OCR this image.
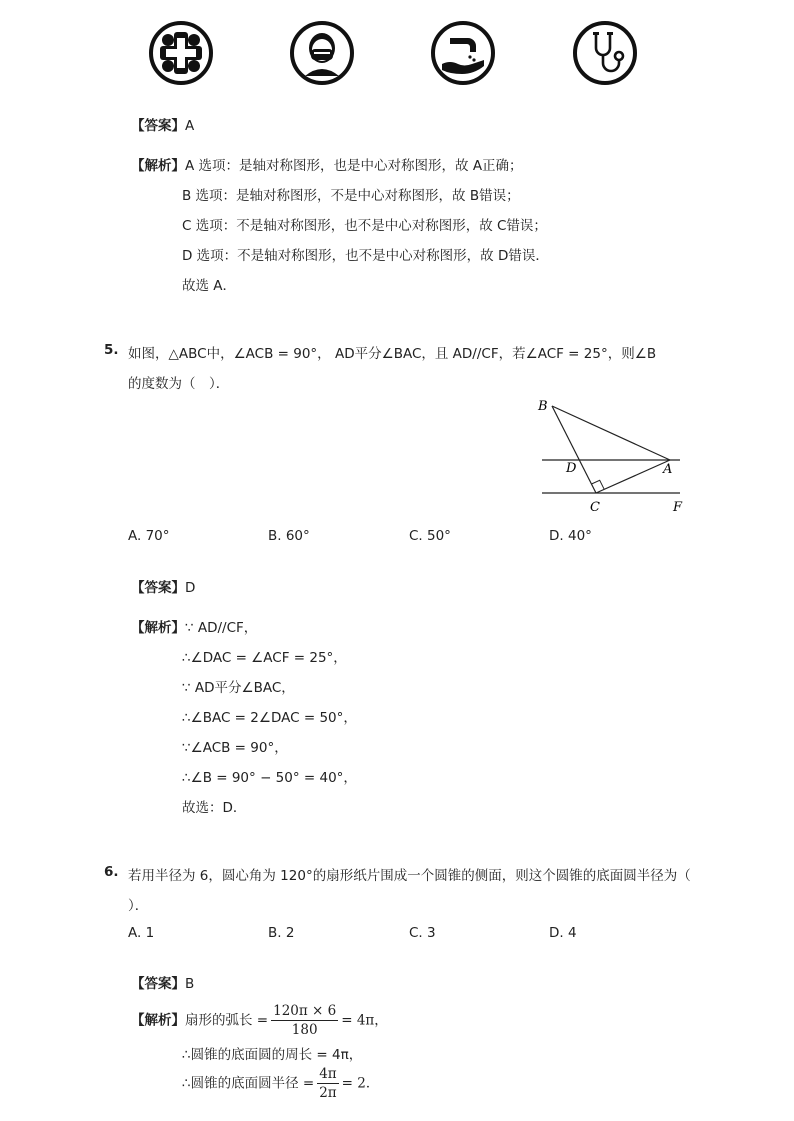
【答案】A
【解析】A 选项：是轴对称图形，也是中心对称图形，故 A正确；
B 选项：是轴对称图形，不是中心对称图形，故 B错误；
C 选项：不是轴对称图形，也不是中心对称图形，故 C错误；
D 选项：不是轴对称图形，也不是中心对称图形，故 D错误．
故选 A．
5. 如图，△ABC中，∠ACB = 90°， AD平分∠BAC，且 AD//CF，若∠ACF = 25°，则∠B
的度数为（　）．
B
D	A
C	F
A. 70°	B. 60°	C. 50°	D. 40°
【答案】D
【解析】∵ AD//CF，
∴∠DAC = ∠ACF = 25°，
∵ AD平分∠BAC，
∴∠BAC = 2∠DAC = 50°，
∵∠ACB = 90°，
∴∠B = 90° − 50° = 40°，
故选：D．
6. 若用半径为 6，圆心角为 120°的扇形纸片围成一个圆锥的侧面，则这个圆锥的底面圆半径为（
）．
A. 1	B. 2	C. 3	D. 4
【答案】B
【解析】扇形的弧长 = $\frac{120\pi \times 6}{180} = 4\pi$，
∴圆锥的底面圆的周长 = 4π，
∴圆锥的底面圆半径 = $\frac{4\pi}{2\pi} = 2$．
